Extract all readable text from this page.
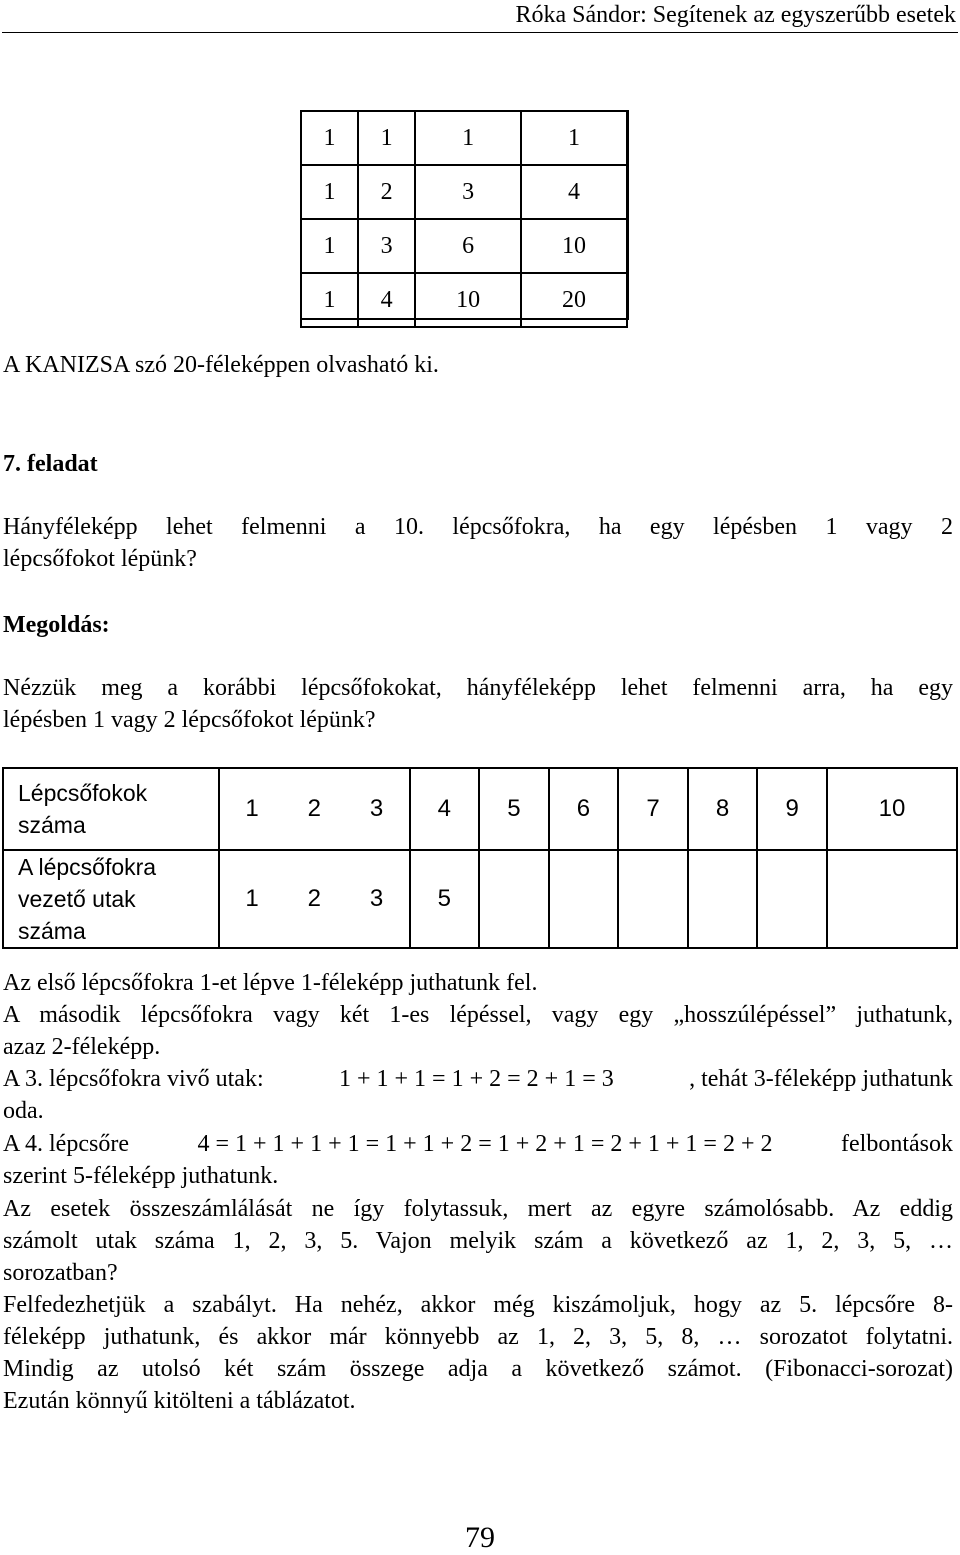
Róka Sándor: Segítenek az egyszerűbb esetek
1	1	1	1
1	2	3	4
1	3	6	10
1	4	10	20
A KANIZSA szó 20-féleképpen olvasható ki.
7. feladat
Hányféleképp lehet felmenni a 10. lépcsőfokra, ha egy lépésben 1 vagy 2
lépcsőfokot lépünk?
Megoldás:
Nézzük meg a korábbi lépcsőfokokat, hányféleképp lehet felmenni arra, ha egy
lépésben 1 vagy 2 lépcsőfokot lépünk?
Lépcsőfokok
száma	1	2	3	4	5	6	7	8	9	10

A lépcsőfokra
vezető utak
száma	1	2	3	5						
Az első lépcsőfokra 1-et lépve 1-féleképp juthatunk fel.
A második lépcsőfokra vagy két 1-es lépéssel, vagy egy „hosszúlépéssel” juthatunk,
azaz 2-féleképp.
A 3. lépcsőfokra vivő utak:	1 + 1 + 1 = 1 + 2 = 2 + 1 = 3	, tehát 3-féleképp juthatunk
oda.
A 4. lépcsőre	4 = 1 + 1 + 1 + 1 = 1 + 1 + 2 = 1 + 2 + 1 = 2 + 1 + 1 = 2 + 2	felbontások
szerint 5-féleképp juthatunk.
Az esetek összeszámlálását ne így folytassuk, mert az egyre számolósabb. Az eddig
számolt utak száma 1, 2, 3, 5. Vajon melyik szám a következő az 1, 2, 3, 5, …
sorozatban?
Felfedezhetjük a szabályt. Ha nehéz, akkor még kiszámoljuk, hogy az 5. lépcsőre 8-
féleképp juthatunk, és akkor már könnyebb az 1, 2, 3, 5, 8, … sorozatot folytatni.
Mindig az utolsó két szám összege adja a következő számot. (Fibonacci-sorozat)
Ezután könnyű kitölteni a táblázatot.
79
